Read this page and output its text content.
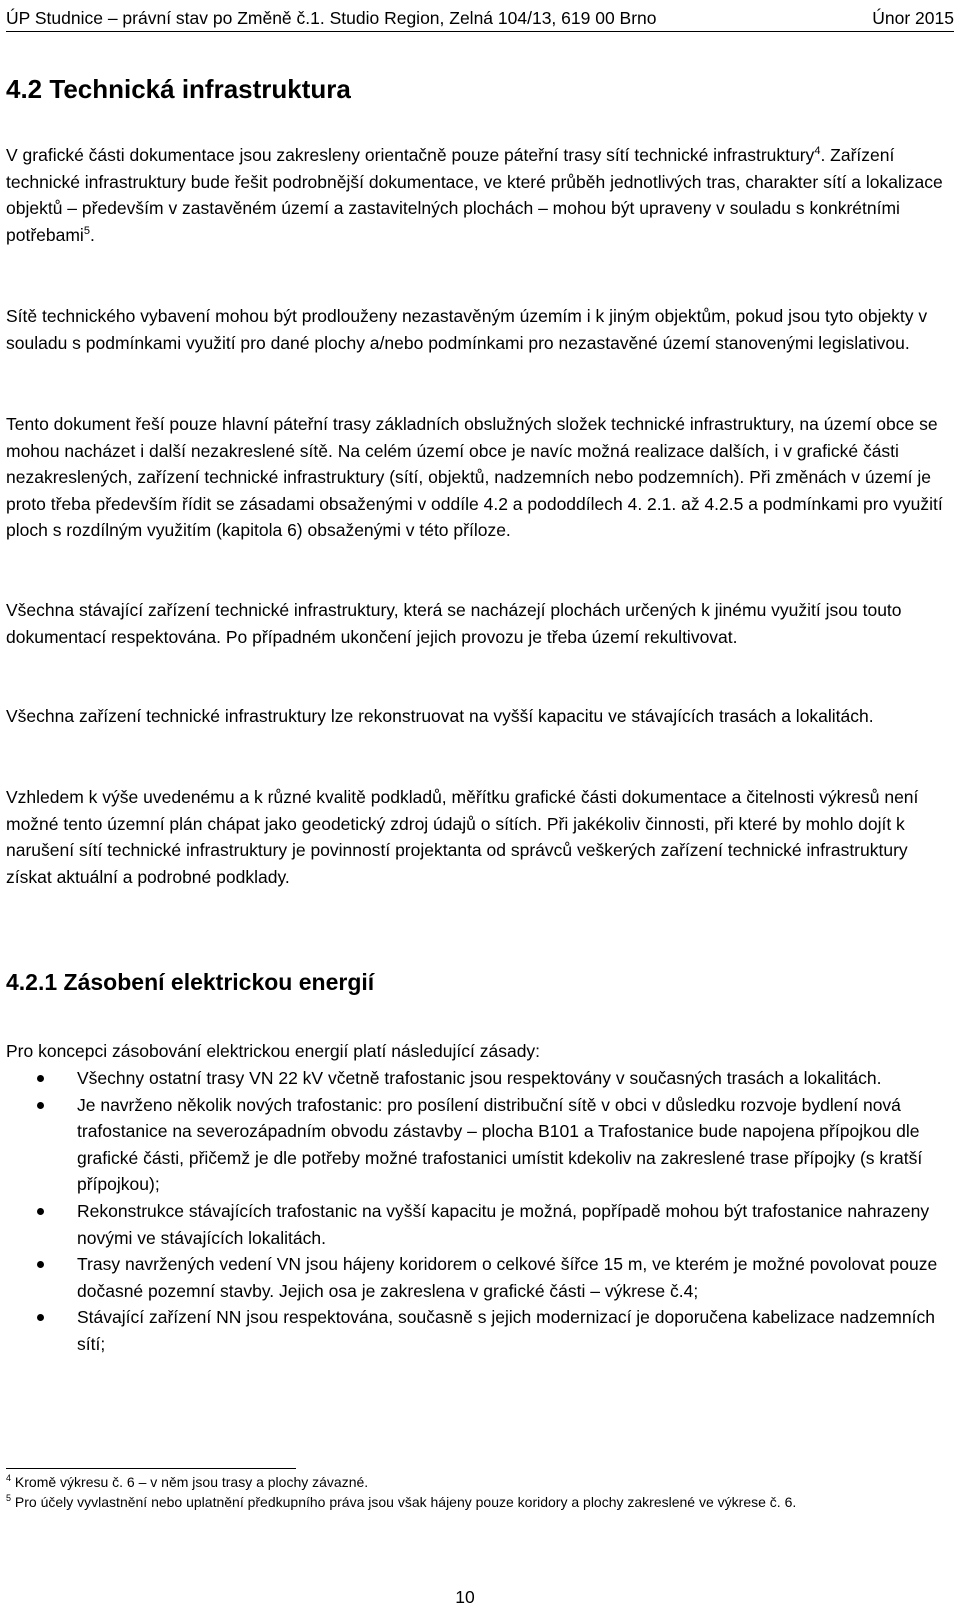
ÚP Studnice – právní stav po Změně č.1. Studio Region, Zelná 104/13, 619 00 Brno	Únor 2015
4.2 Technická infrastruktura
V grafické části dokumentace jsou zakresleny orientačně pouze páteřní trasy sítí technické infrastruktury$^4$. Zařízení technické infrastruktury bude řešit podrobnější dokumentace, ve které průběh jednotlivých tras, charakter sítí a lokalizace objektů – především v zastavěném území a zastavitelných plochách – mohou být upraveny v souladu s konkrétními potřebami$^5$.

Sítě technického vybavení mohou být prodlouženy nezastavěným územím i k jiným objektům, pokud jsou tyto objekty v souladu s podmínkami využití pro dané plochy a/nebo podmínkami pro nezastavěné území stanovenými legislativou.

Tento dokument řeší pouze hlavní páteřní trasy základních obslužných složek technické infrastruktury, na území obce se mohou nacházet i další nezakreslené sítě. Na celém území obce je navíc možná realizace dalších, i v grafické části nezakreslených, zařízení technické infrastruktury (sítí, objektů, nadzemních nebo podzemních). Při změnách v území je proto třeba především řídit se zásadami obsaženými v oddíle 4.2 a pododdílech 4. 2.1. až 4.2.5 a podmínkami pro využití ploch s rozdílným využitím (kapitola 6) obsaženými v této příloze.

Všechna stávající zařízení technické infrastruktury, která se nacházejí plochách určených k jinému využití jsou touto dokumentací respektována. Po případném ukončení jejich provozu je třeba území rekultivovat.

Všechna zařízení technické infrastruktury lze rekonstruovat na vyšší kapacitu ve stávajících trasách a lokalitách.

Vzhledem k výše uvedenému a k různé kvalitě podkladů, měřítku grafické části dokumentace a čitelnosti výkresů není možné tento územní plán chápat jako geodetický zdroj údajů o sítích. Při jakékoliv činnosti, při které by mohlo dojít k narušení sítí technické infrastruktury je povinností projektanta od správců veškerých zařízení technické infrastruktury získat aktuální a podrobné podklady.

4.2.1 Zásobení elektrickou energií

Pro koncepci zásobování elektrickou energií platí následující zásady:

Všechny ostatní trasy VN 22 kV včetně trafostanic jsou respektovány v současných trasách a lokalitách.
Je navrženo několik nových trafostanic: pro posílení distribuční sítě v obci v důsledku rozvoje bydlení nová trafostanice na severozápadním obvodu zástavby – plocha B101 a Trafostanice bude napojena přípojkou dle grafické části, přičemž je dle potřeby možné trafostanici umístit kdekoliv na zakreslené trase přípojky (s kratší přípojkou);
Rekonstrukce stávajících trafostanic na vyšší kapacitu je možná, popřípadě mohou být trafostanice nahrazeny novými ve stávajících lokalitách.
Trasy navržených vedení VN jsou hájeny koridorem o celkové šířce 15 m, ve kterém je možné povolovat pouze dočasné pozemní stavby. Jejich osa je zakreslena v grafické části – výkrese č.4;
Stávající zařízení NN jsou respektována, současně s jejich modernizací je doporučena kabelizace nadzemních sítí;

$^4$ Kromě výkresu č. 6 – v něm jsou trasy a plochy závazné.

$^5$ Pro účely vyvlastnění nebo uplatnění předkupního práva jsou však hájeny pouze koridory a plochy zakreslené ve výkrese č. 6.

10
